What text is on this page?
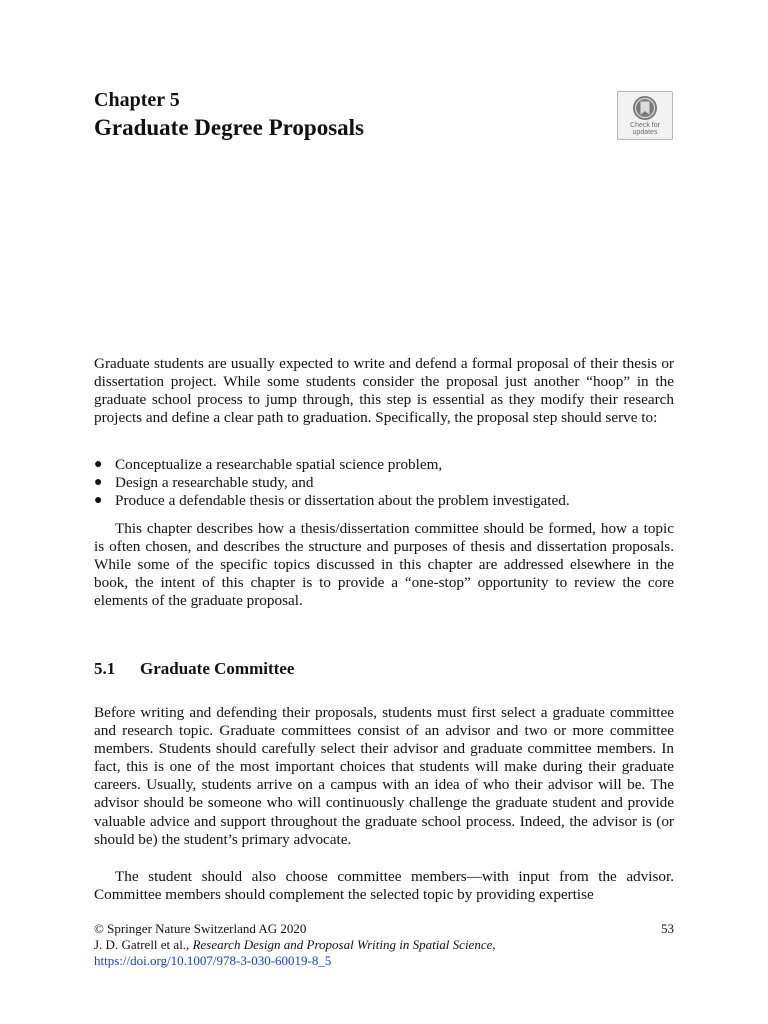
Chapter 5
Graduate Degree Proposals	Check for updates

Graduate students are usually expected to write and defend a formal proposal of their thesis or dissertation project. While some students consider the proposal just another “hoop” in the graduate school process to jump through, this step is essential as they modify their research projects and define a clear path to graduation. Specifically, the proposal step should serve to:

● Conceptualize a researchable spatial science problem,
● Design a researchable study, and
● Produce a defendable thesis or dissertation about the problem investigated.

This chapter describes how a thesis/dissertation committee should be formed, how a topic is often chosen, and describes the structure and purposes of thesis and dissertation proposals. While some of the specific topics discussed in this chapter are addressed elsewhere in the book, the intent of this chapter is to provide a “one-stop” opportunity to review the core elements of the graduate proposal.

5.1 Graduate Committee

Before writing and defending their proposals, students must first select a graduate committee and research topic. Graduate committees consist of an advisor and two or more committee members. Students should carefully select their advisor and graduate committee members. In fact, this is one of the most important choices that students will make during their graduate careers. Usually, students arrive on a campus with an idea of who their advisor will be. The advisor should be someone who will continuously challenge the graduate student and provide valuable advice and support throughout the graduate school process. Indeed, the advisor is (or should be) the student’s primary advocate.

The student should also choose committee members—with input from the advisor. Committee members should complement the selected topic by providing expertise

© Springer Nature Switzerland AG 2020
J. D. Gatrell et al., Research Design and Proposal Writing in Spatial Science,
https://doi.org/10.1007/978-3-030-60019-8_5
53
